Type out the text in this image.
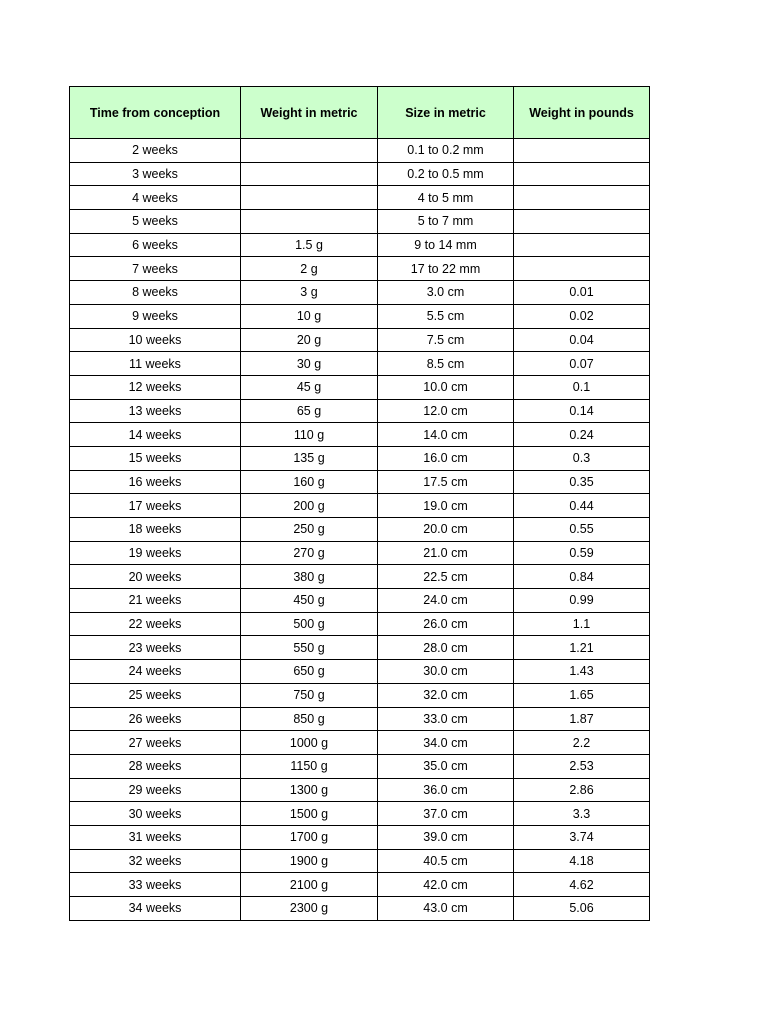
Time from conception	Weight in metric	Size in metric	Weight in pounds
2 weeks		0.1 to 0.2 mm	
3 weeks		0.2 to 0.5 mm	
4 weeks		4 to 5 mm	
5 weeks		5 to 7 mm	
6 weeks	1.5 g	9 to 14 mm	
7 weeks	2 g	17 to 22 mm	
8 weeks	3 g	3.0 cm	0.01
9 weeks	10 g	5.5 cm	0.02
10 weeks	20 g	7.5 cm	0.04
11 weeks	30 g	8.5 cm	0.07
12 weeks	45 g	10.0 cm	0.1
13 weeks	65 g	12.0 cm	0.14
14 weeks	110 g	14.0 cm	0.24
15 weeks	135 g	16.0 cm	0.3
16 weeks	160 g	17.5 cm	0.35
17 weeks	200 g	19.0 cm	0.44
18 weeks	250 g	20.0 cm	0.55
19 weeks	270 g	21.0 cm	0.59
20 weeks	380 g	22.5 cm	0.84
21 weeks	450 g	24.0 cm	0.99
22 weeks	500 g	26.0 cm	1.1
23 weeks	550 g	28.0 cm	1.21
24 weeks	650 g	30.0 cm	1.43
25 weeks	750 g	32.0 cm	1.65
26 weeks	850 g	33.0 cm	1.87
27 weeks	1000 g	34.0 cm	2.2
28 weeks	1150 g	35.0 cm	2.53
29 weeks	1300 g	36.0 cm	2.86
30 weeks	1500 g	37.0 cm	3.3
31 weeks	1700 g	39.0 cm	3.74
32 weeks	1900 g	40.5 cm	4.18
33 weeks	2100 g	42.0 cm	4.62
34 weeks	2300 g	43.0 cm	5.06
